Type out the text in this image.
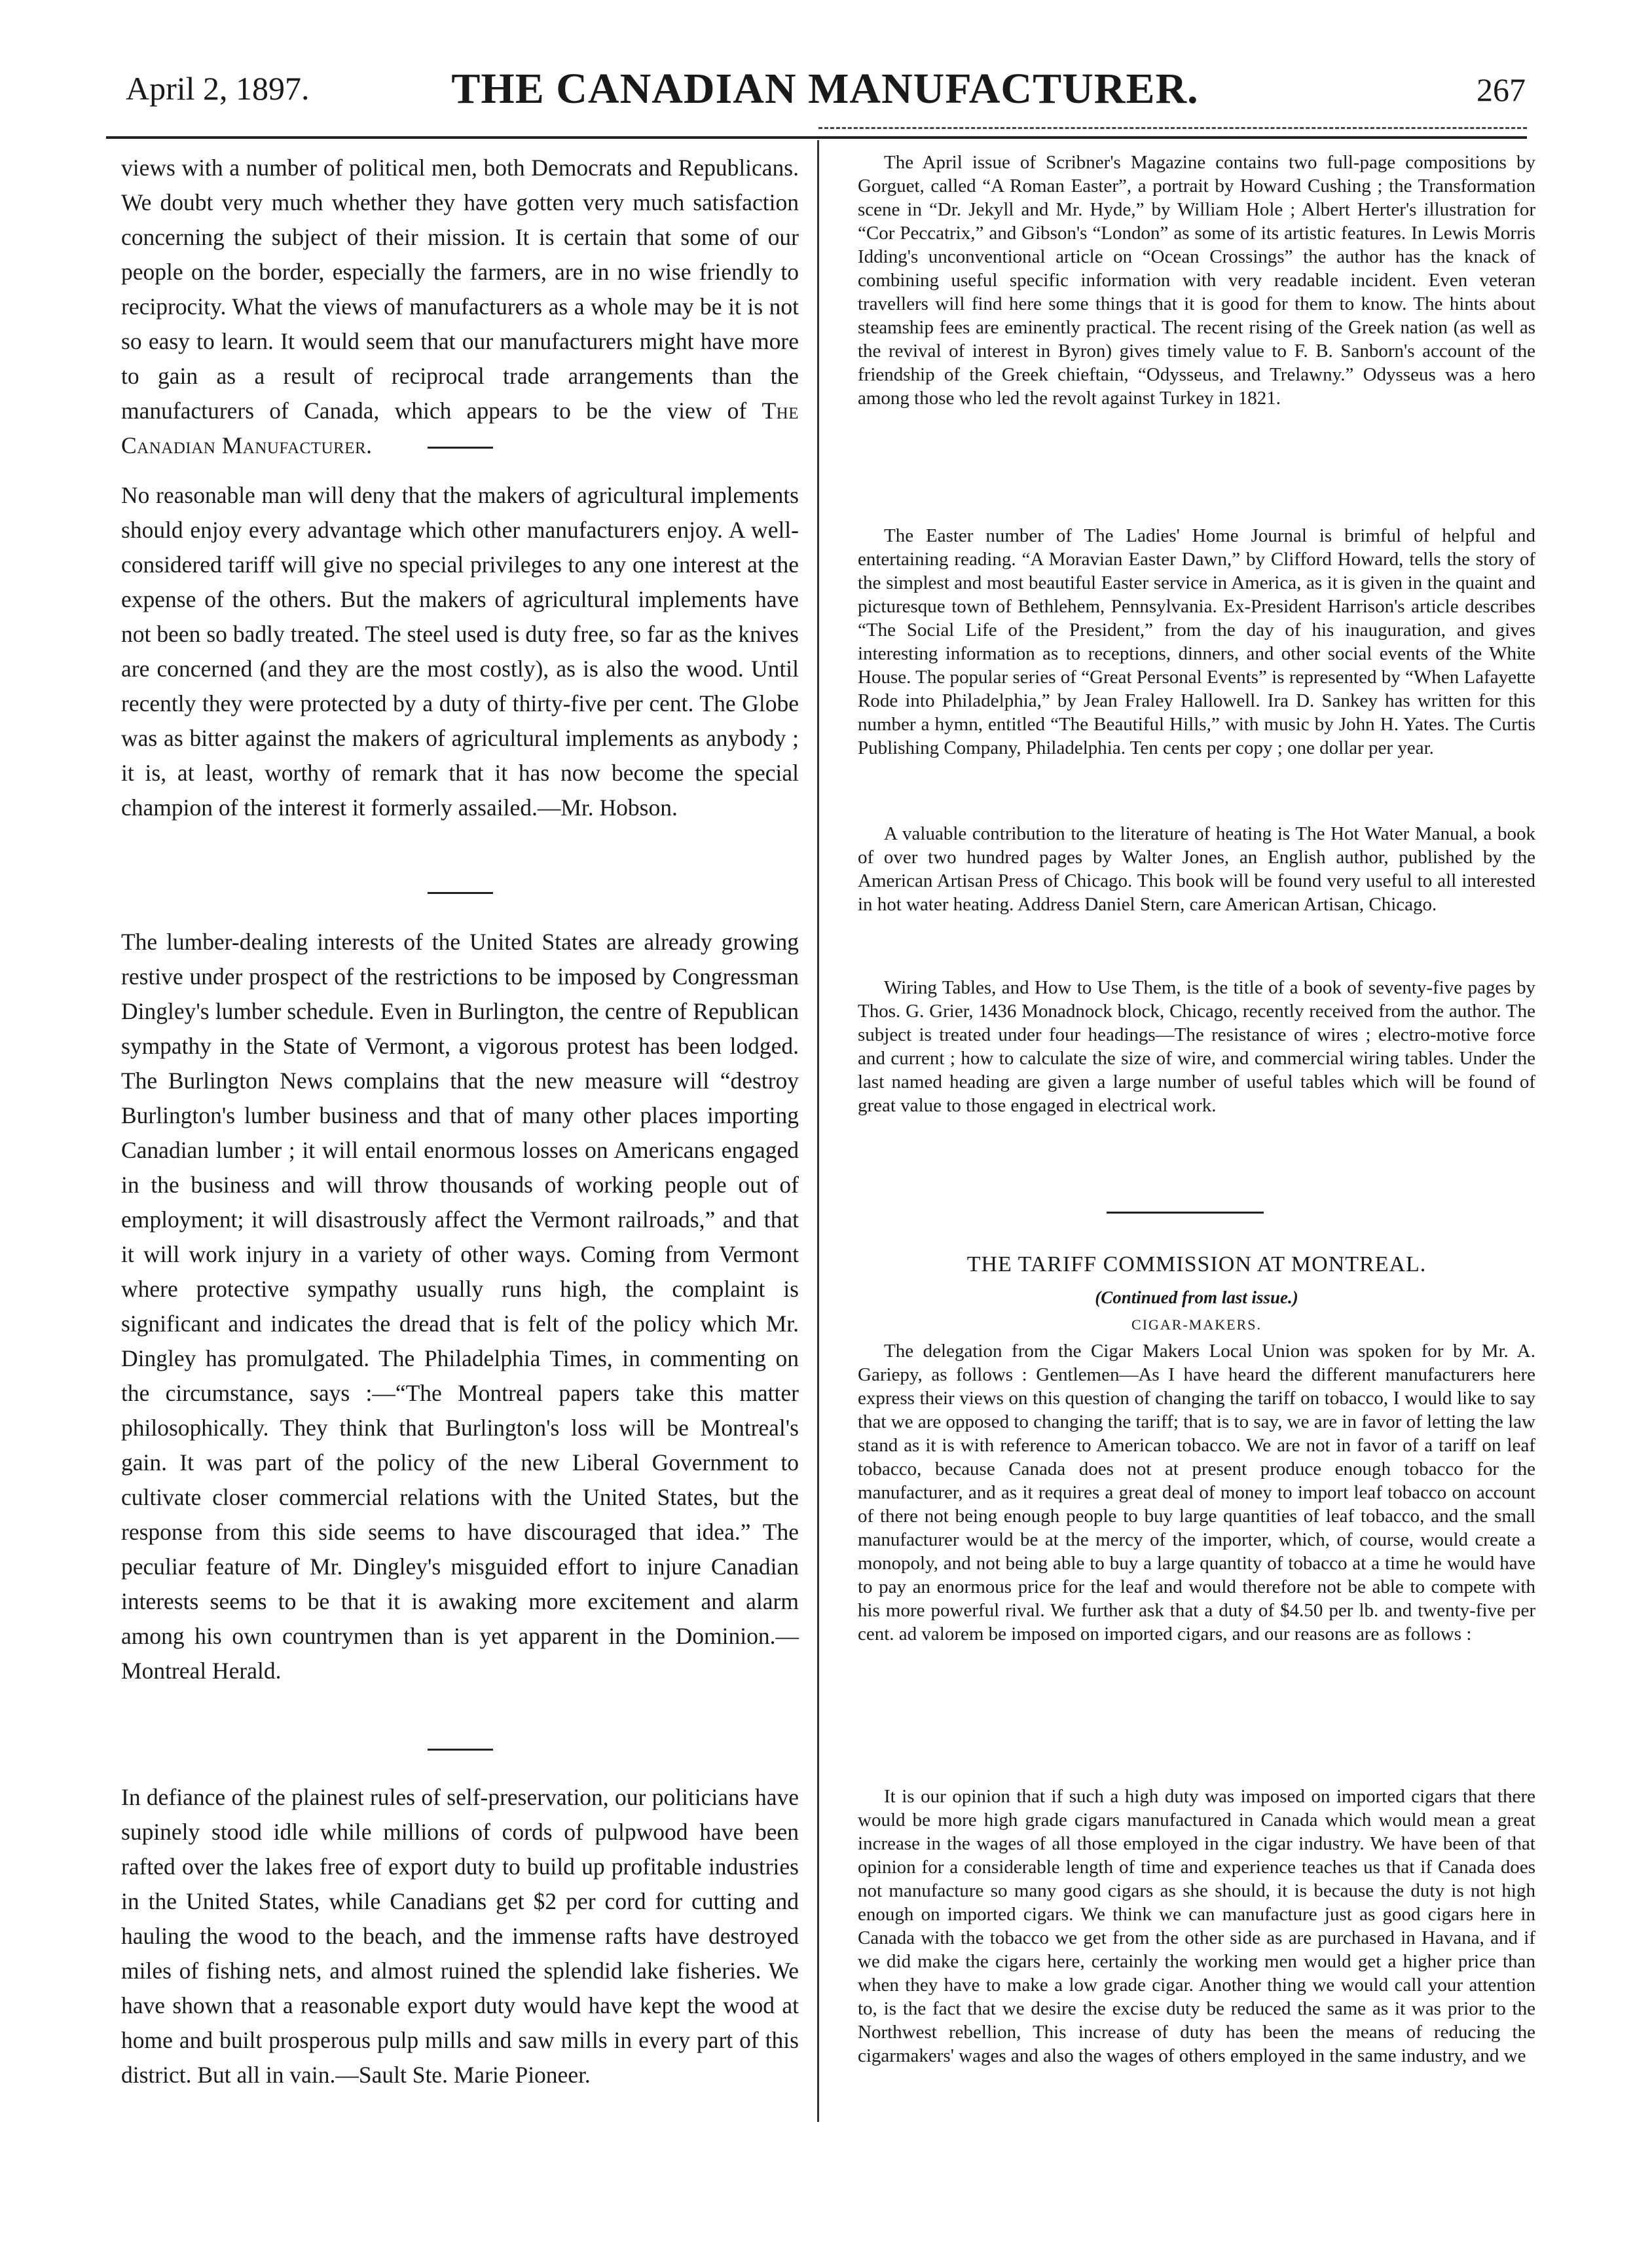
April 2, 1897.	THE CANADIAN MANUFACTURER.	267

views with a number of political men, both Democrats and Republicans. We doubt very much whether they have gotten very much satisfaction concerning the subject of their mission. It is certain that some of our people on the border, especially the farmers, are in no wise friendly to reciprocity. What the views of manufacturers as a whole may be it is not so easy to learn. It would seem that our manufacturers might have more to gain as a result of reciprocal trade arrangements than the manufacturers of Canada, which appears to be the view of The Canadian Manufacturer.

No reasonable man will deny that the makers of agricultural implements should enjoy every advantage which other manufacturers enjoy. A well-considered tariff will give no special privileges to any one interest at the expense of the others. But the makers of agricultural implements have not been so badly treated. The steel used is duty free, so far as the knives are concerned (and they are the most costly), as is also the wood. Until recently they were protected by a duty of thirty-five per cent. The Globe was as bitter against the makers of agricultural implements as anybody ; it is, at least, worthy of remark that it has now become the special champion of the interest it formerly assailed.—Mr. Hobson.

The lumber-dealing interests of the United States are already growing restive under prospect of the restrictions to be imposed by Congressman Dingley's lumber schedule. Even in Burlington, the centre of Republican sympathy in the State of Vermont, a vigorous protest has been lodged. The Burlington News complains that the new measure will “destroy Burlington's lumber business and that of many other places importing Canadian lumber ; it will entail enormous losses on Americans engaged in the business and will throw thousands of working people out of employment; it will disastrously affect the Vermont railroads,” and that it will work injury in a variety of other ways. Coming from Vermont where protective sympathy usually runs high, the complaint is significant and indicates the dread that is felt of the policy which Mr. Dingley has promulgated. The Philadelphia Times, in commenting on the circumstance, says :—“The Montreal papers take this matter philosophically. They think that Burlington's loss will be Montreal's gain. It was part of the policy of the new Liberal Government to cultivate closer commercial relations with the United States, but the response from this side seems to have discouraged that idea.” The peculiar feature of Mr. Dingley's misguided effort to injure Canadian interests seems to be that it is awaking more excitement and alarm among his own countrymen than is yet apparent in the Dominion.—Montreal Herald.

In defiance of the plainest rules of self-preservation, our politicians have supinely stood idle while millions of cords of pulpwood have been rafted over the lakes free of export duty to build up profitable industries in the United States, while Canadians get $2 per cord for cutting and hauling the wood to the beach, and the immense rafts have destroyed miles of fishing nets, and almost ruined the splendid lake fisheries. We have shown that a reasonable export duty would have kept the wood at home and built prosperous pulp mills and saw mills in every part of this district. But all in vain.—Sault Ste. Marie Pioneer.

The April issue of Scribner's Magazine contains two full-page compositions by Gorguet, called “A Roman Easter”, a portrait by Howard Cushing ; the Transformation scene in “Dr. Jekyll and Mr. Hyde,” by William Hole ; Albert Herter's illustration for “Cor Peccatrix,” and Gibson's “London” as some of its artistic features. In Lewis Morris Idding's unconventional article on “Ocean Crossings” the author has the knack of combining useful specific information with very readable incident. Even veteran travellers will find here some things that it is good for them to know. The hints about steamship fees are eminently practical. The recent rising of the Greek nation (as well as the revival of interest in Byron) gives timely value to F. B. Sanborn's account of the friendship of the Greek chieftain, “Odysseus, and Trelawny.” Odysseus was a hero among those who led the revolt against Turkey in 1821.

The Easter number of The Ladies' Home Journal is brimful of helpful and entertaining reading. “A Moravian Easter Dawn,” by Clifford Howard, tells the story of the simplest and most beautiful Easter service in America, as it is given in the quaint and picturesque town of Bethlehem, Pennsylvania. Ex-President Harrison's article describes “The Social Life of the President,” from the day of his inauguration, and gives interesting information as to receptions, dinners, and other social events of the White House. The popular series of “Great Personal Events” is represented by “When Lafayette Rode into Philadelphia,” by Jean Fraley Hallowell. Ira D. Sankey has written for this number a hymn, entitled “The Beautiful Hills,” with music by John H. Yates. The Curtis Publishing Company, Philadelphia. Ten cents per copy ; one dollar per year.

A valuable contribution to the literature of heating is The Hot Water Manual, a book of over two hundred pages by Walter Jones, an English author, published by the American Artisan Press of Chicago. This book will be found very useful to all interested in hot water heating. Address Daniel Stern, care American Artisan, Chicago.

Wiring Tables, and How to Use Them, is the title of a book of seventy-five pages by Thos. G. Grier, 1436 Monadnock block, Chicago, recently received from the author. The subject is treated under four headings—The resistance of wires ; electro-motive force and current ; how to calculate the size of wire, and commercial wiring tables. Under the last named heading are given a large number of useful tables which will be found of great value to those engaged in electrical work.

THE TARIFF COMMISSION AT MONTREAL.
(Continued from last issue.)
CIGAR-MAKERS.

The delegation from the Cigar Makers Local Union was spoken for by Mr. A. Gariepy, as follows : Gentlemen—As I have heard the different manufacturers here express their views on this question of changing the tariff on tobacco, I would like to say that we are opposed to changing the tariff; that is to say, we are in favor of letting the law stand as it is with reference to American tobacco. We are not in favor of a tariff on leaf tobacco, because Canada does not at present produce enough tobacco for the manufacturer, and as it requires a great deal of money to import leaf tobacco on account of there not being enough people to buy large quantities of leaf tobacco, and the small manufacturer would be at the mercy of the importer, which, of course, would create a monopoly, and not being able to buy a large quantity of tobacco at a time he would have to pay an enormous price for the leaf and would therefore not be able to compete with his more powerful rival. We further ask that a duty of $4.50 per lb. and twenty-five per cent. ad valorem be imposed on imported cigars, and our reasons are as follows :

It is our opinion that if such a high duty was imposed on imported cigars that there would be more high grade cigars manufactured in Canada which would mean a great increase in the wages of all those employed in the cigar industry. We have been of that opinion for a considerable length of time and experience teaches us that if Canada does not manufacture so many good cigars as she should, it is because the duty is not high enough on imported cigars. We think we can manufacture just as good cigars here in Canada with the tobacco we get from the other side as are purchased in Havana, and if we did make the cigars here, certainly the working men would get a higher price than when they have to make a low grade cigar. Another thing we would call your attention to, is the fact that we desire the excise duty be reduced the same as it was prior to the Northwest rebellion, This increase of duty has been the means of reducing the cigarmakers' wages and also the wages of others employed in the same industry, and we
